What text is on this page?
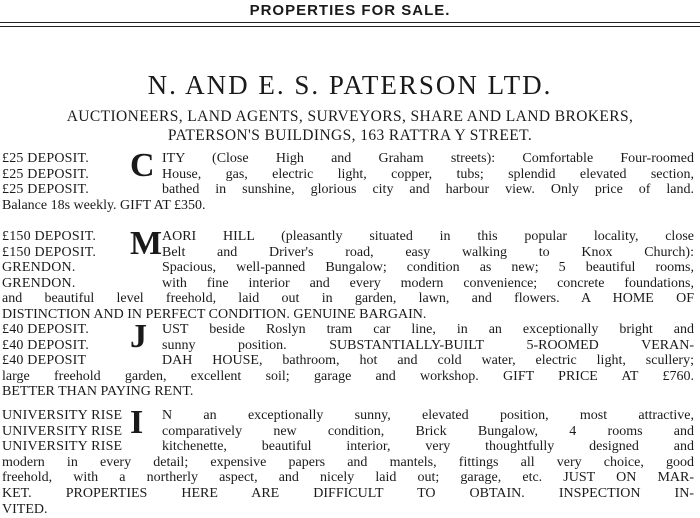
PROPERTIES FOR SALE.
N. AND E. S. PATERSON LTD.
AUCTIONEERS, LAND AGENTS, SURVEYORS, SHARE AND LAND BROKERS,
PATERSON'S BUILDINGS, 163 RATTRA Y STREET.
£25 DEPOSIT.	C ITY (Close High and Graham streets): Comfortable Four-roomed
£25 DEPOSIT.	House, gas, electric light, copper, tubs; splendid elevated section,
£25 DEPOSIT.	bathed in sunshine, glorious city and harbour view. Only price of land.
Balance 18s weekly. GIFT AT £350.
£150 DEPOSIT. M AORI HILL (pleasantly situated in this popular locality, close
£150 DEPOSIT.	Belt and Driver's road, easy walking to Knox Church):
GRENDON.	Spacious, well-panned Bungalow; condition as new; 5 beautiful rooms,
GRENDON.	with fine interior and every modern convenience; concrete foundations,
and beautiful level freehold, laid out in garden, lawn, and flowers. A HOME OF
DISTINCTION AND IN PERFECT CONDITION. GENUINE BARGAIN.
£40 DEPOSIT.	J UST beside Roslyn tram car line, in an exceptionally bright and
£40 DEPOSIT.	sunny position. SUBSTANTIALLY-BUILT 5-ROOMED VERAN-
£40 DEPOSIT	DAH HOUSE, bathroom, hot and cold water, electric light, scullery;
large freehold garden, excellent soil; garage and workshop. GIFT PRICE AT £760.
BETTER THAN PAYING RENT.
UNIVERSITY RISE I N an exceptionally sunny, elevated position, most attractive,
UNIVERSITY RISE	comparatively new condition, Brick Bungalow, 4 rooms and
UNIVERSITY RISE	kitchenette, beautiful interior, very thoughtfully designed and
modern in every detail; expensive papers and mantels, fittings all very choice, good
freehold, with a northerly aspect, and nicely laid out; garage, etc. JUST ON MAR-
KET. PROPERTIES HERE ARE DIFFICULT TO OBTAIN. INSPECTION IN-
VITED.
